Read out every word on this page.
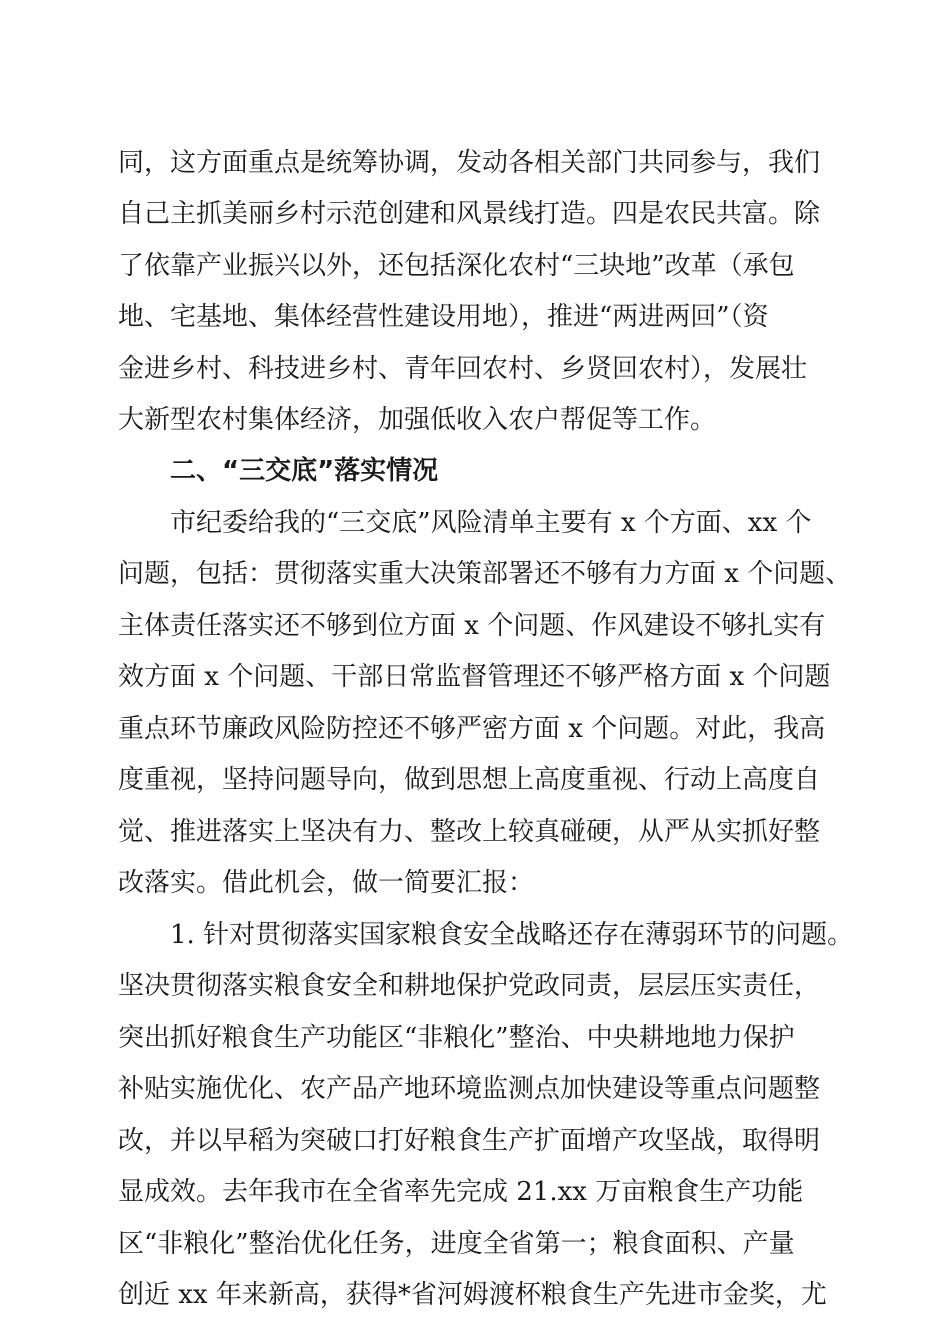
同，这方面重点是统筹协调，发动各相关部门共同参与，我们
自己主抓美丽乡村示范创建和风景线打造。四是农民共富。除
了依靠产业振兴以外，还包括深化农村“三块地”改革（承包
地、宅基地、集体经营性建设用地），推进“两进两回”（资
金进乡村、科技进乡村、青年回农村、乡贤回农村），发展壮
大新型农村集体经济，加强低收入农户帮促等工作。
二、“三交底”落实情况
市纪委给我的“三交底”风险清单主要有 x 个方面、xx 个
问题，包括：贯彻落实重大决策部署还不够有力方面 x 个问题、
主体责任落实还不够到位方面 x 个问题、作风建设不够扎实有
效方面 x 个问题、干部日常监督管理还不够严格方面 x 个问题
重点环节廉政风险防控还不够严密方面 x 个问题。对此，我高
度重视，坚持问题导向，做到思想上高度重视、行动上高度自
觉、推进落实上坚决有力、整改上较真碰硬，从严从实抓好整
改落实。借此机会，做一简要汇报：
1. 针对贯彻落实国家粮食安全战略还存在薄弱环节的问题。
坚决贯彻落实粮食安全和耕地保护党政同责，层层压实责任，
突出抓好粮食生产功能区“非粮化”整治、中央耕地地力保护
补贴实施优化、农产品产地环境监测点加快建设等重点问题整
改，并以早稻为突破口打好粮食生产扩面增产攻坚战，取得明
显成效。去年我市在全省率先完成 21.xx 万亩粮食生产功能
区“非粮化”整治优化任务，进度全省第一；粮食面积、产量
创近 xx 年来新高，获得*省河姆渡杯粮食生产先进市金奖，尤
